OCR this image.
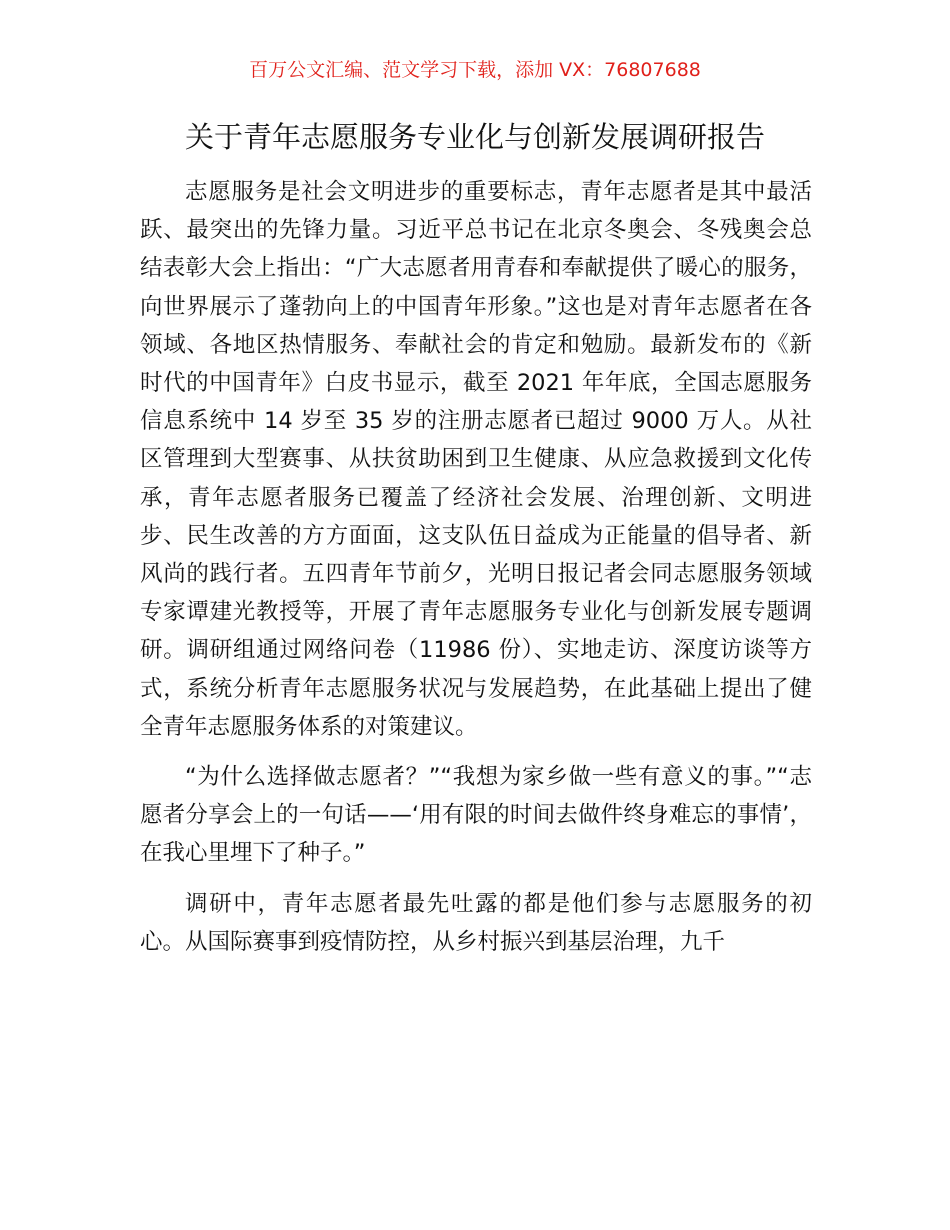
百万公文汇编、范文学习下载，添加 VX：76807688
关于青年志愿服务专业化与创新发展调研报告

志愿服务是社会文明进步的重要标志，青年志愿者是其中最活跃、最突出的先锋力量。习近平总书记在北京冬奥会、冬残奥会总结表彰大会上指出：“广大志愿者用青春和奉献提供了暖心的服务，向世界展示了蓬勃向上的中国青年形象。”这也是对青年志愿者在各领域、各地区热情服务、奉献社会的肯定和勉励。最新发布的《新时代的中国青年》白皮书显示，截至 2021 年年底，全国志愿服务信息系统中 14 岁至 35 岁的注册志愿者已超过 9000 万人。从社区管理到大型赛事、从扶贫助困到卫生健康、从应急救援到文化传承，青年志愿者服务已覆盖了经济社会发展、治理创新、文明进步、民生改善的方方面面，这支队伍日益成为正能量的倡导者、新风尚的践行者。五四青年节前夕，光明日报记者会同志愿服务领域专家谭建光教授等，开展了青年志愿服务专业化与创新发展专题调研。调研组通过网络问卷（11986 份）、实地走访、深度访谈等方式，系统分析青年志愿服务状况与发展趋势，在此基础上提出了健全青年志愿服务体系的对策建议。

“为什么选择做志愿者？”“我想为家乡做一些有意义的事。”“志愿者分享会上的一句话——‘用有限的时间去做件终身难忘的事情’，在我心里埋下了种子。”

调研中，青年志愿者最先吐露的都是他们参与志愿服务的初心。从国际赛事到疫情防控，从乡村振兴到基层治理，九千
